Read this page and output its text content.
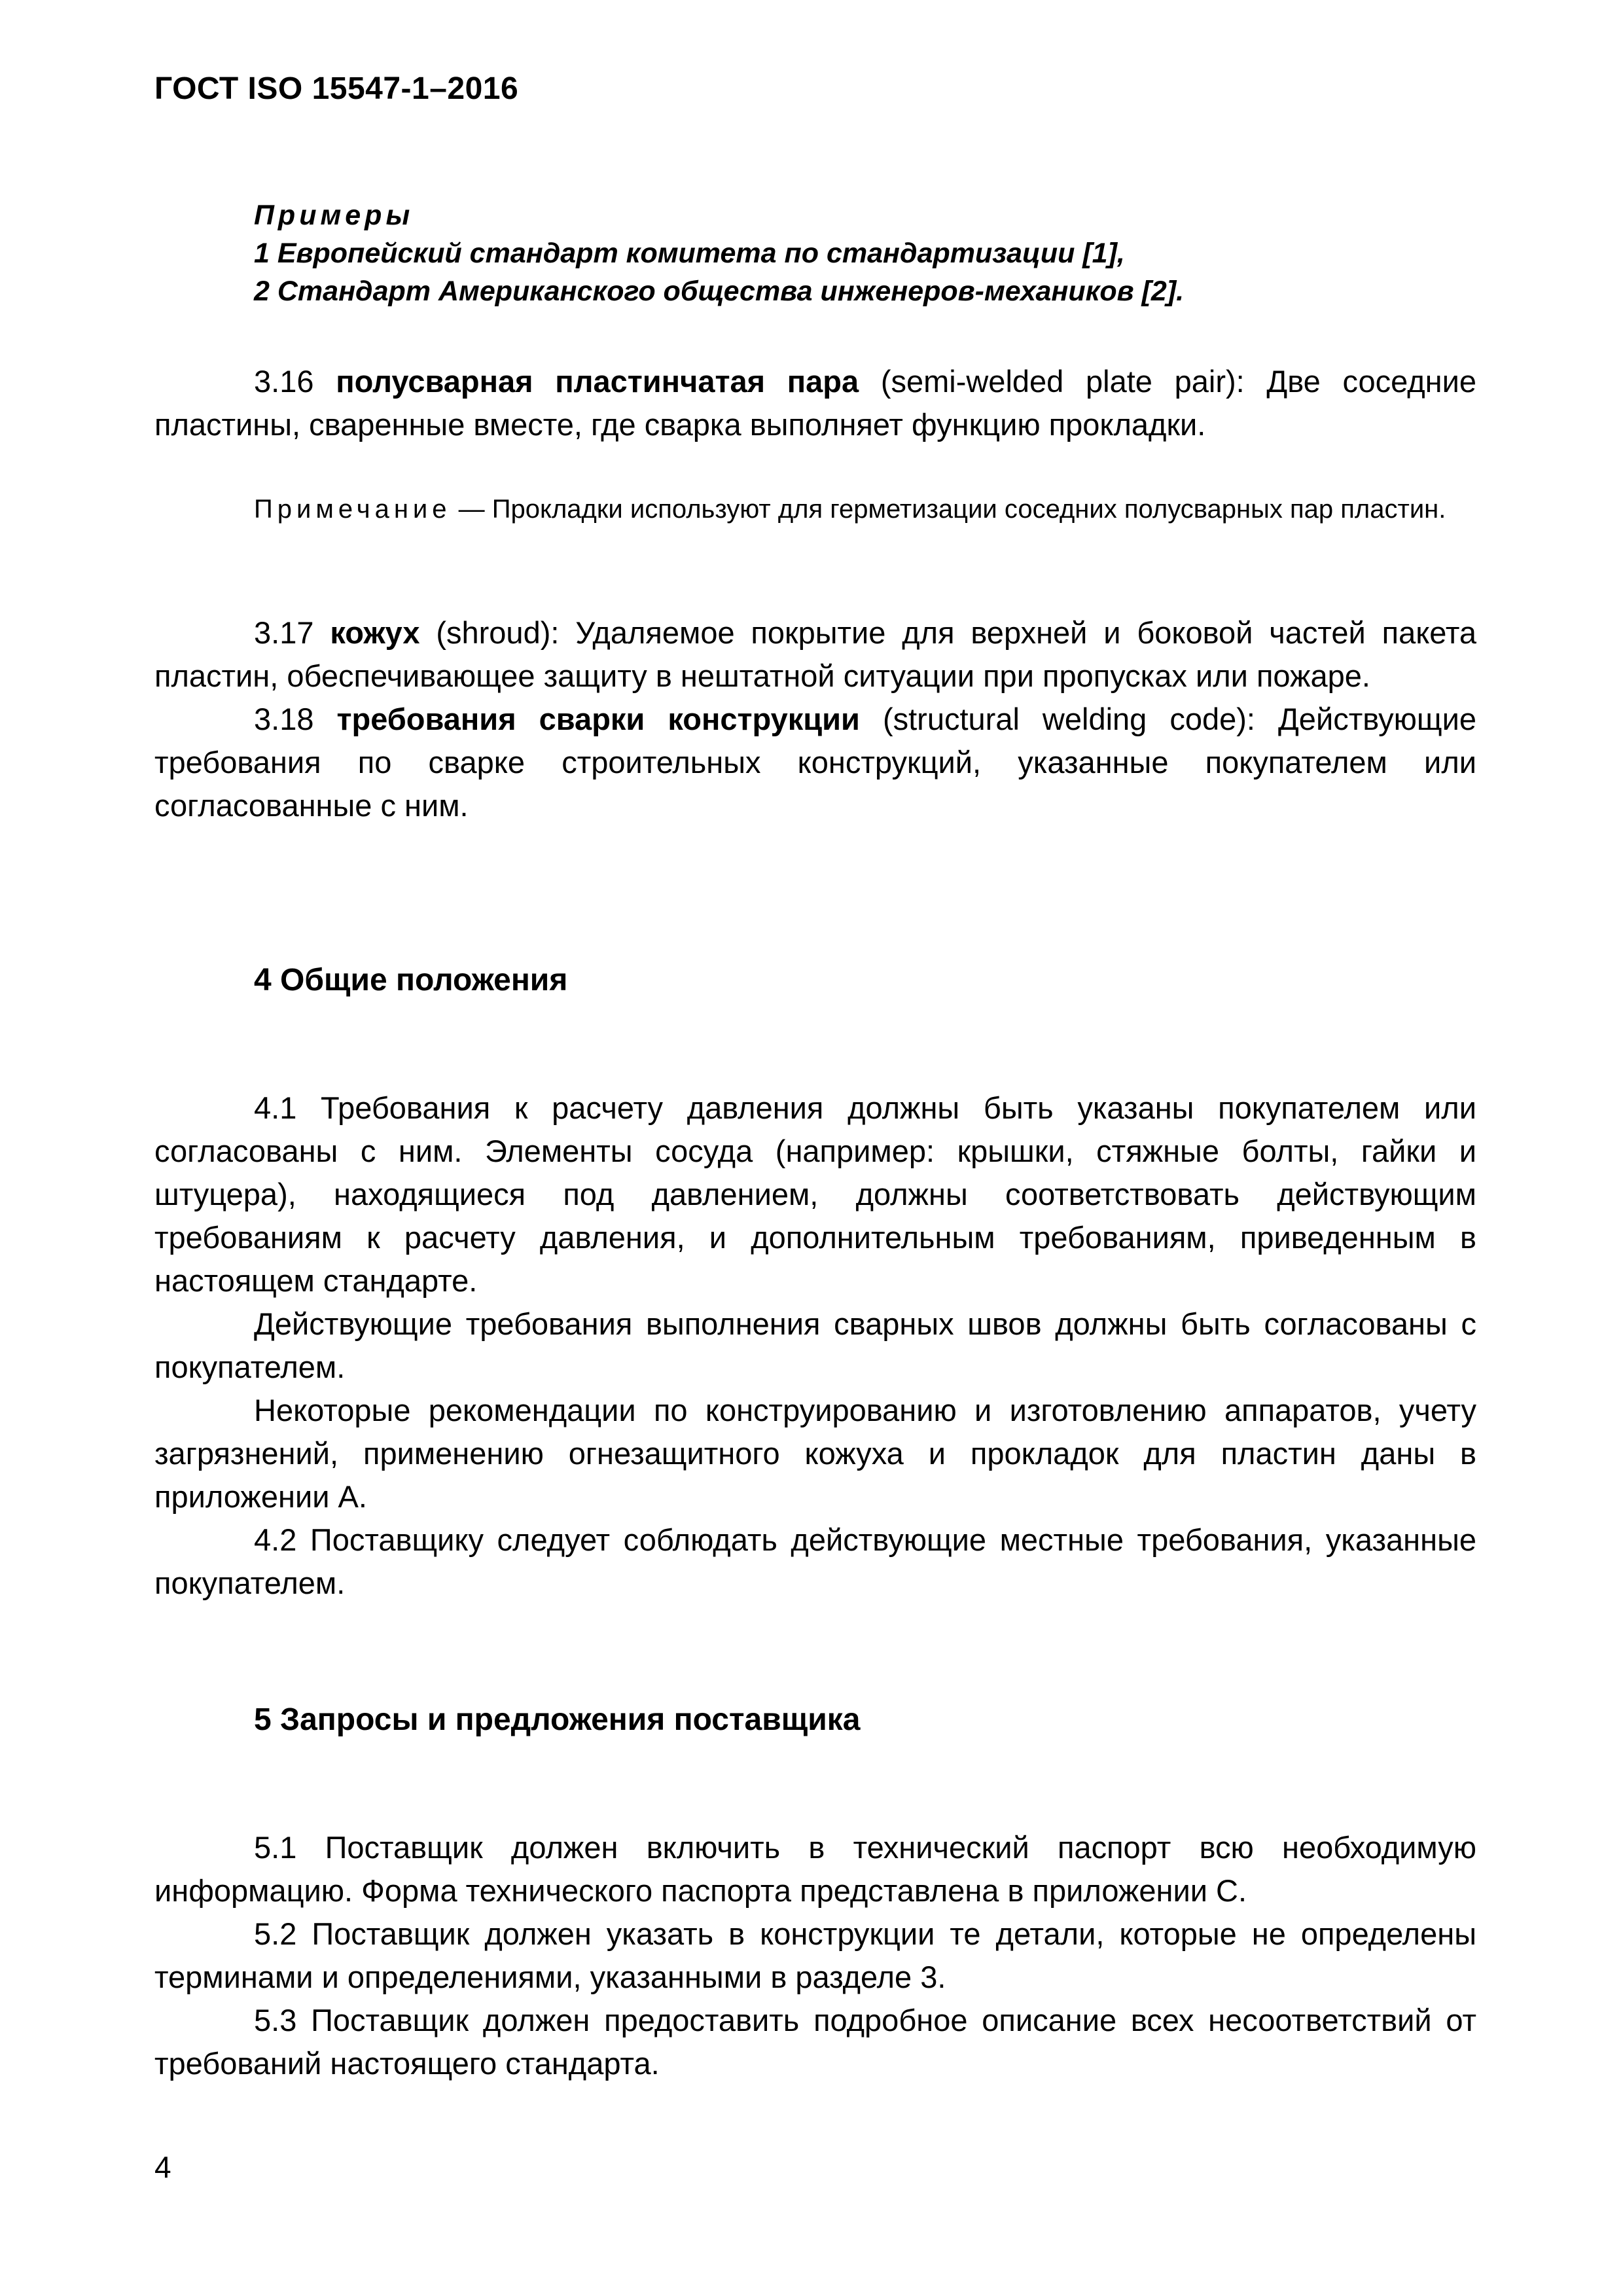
ГОСТ ISO 15547-1–2016
Примеры
1 Европейский стандарт комитета по стандартизации [1],
2 Стандарт Американского общества инженеров-механиков [2].

3.16 полусварная пластинчатая пара (semi-welded plate pair): Две соседние пластины, сваренные вместе, где сварка выполняет функцию прокладки.

Примечание — Прокладки используют для герметизации соседних полусварных пар пластин.

3.17 кожух (shroud): Удаляемое покрытие для верхней и боковой частей пакета пластин, обеспечивающее защиту в нештатной ситуации при пропусках или пожаре.

3.18 требования сварки конструкции (structural welding code): Действующие требования по сварке строительных конструкций, указанные покупателем или согласованные с ним.

4 Общие положения

4.1 Требования к расчету давления должны быть указаны покупателем или согласованы с ним. Элементы сосуда (например: крышки, стяжные болты, гайки и штуцера), находящиеся под давлением, должны соответствовать действующим требованиям к расчету давления, и дополнительным требованиям, приведенным в настоящем стандарте.

Действующие требования выполнения сварных швов должны быть согласованы с покупателем.

Некоторые рекомендации по конструированию и изготовлению аппаратов, учету загрязнений, применению огнезащитного кожуха и прокладок для пластин даны в приложении А.

4.2 Поставщику следует соблюдать действующие местные требования, указанные покупателем.

5 Запросы и предложения поставщика

5.1 Поставщик должен включить в технический паспорт всю необходимую информацию. Форма технического паспорта представлена в приложении С.

5.2 Поставщик должен указать в конструкции те детали, которые не определены терминами и определениями, указанными в разделе 3.

5.3 Поставщик должен предоставить подробное описание всех несоответствий от требований настоящего стандарта.

4
